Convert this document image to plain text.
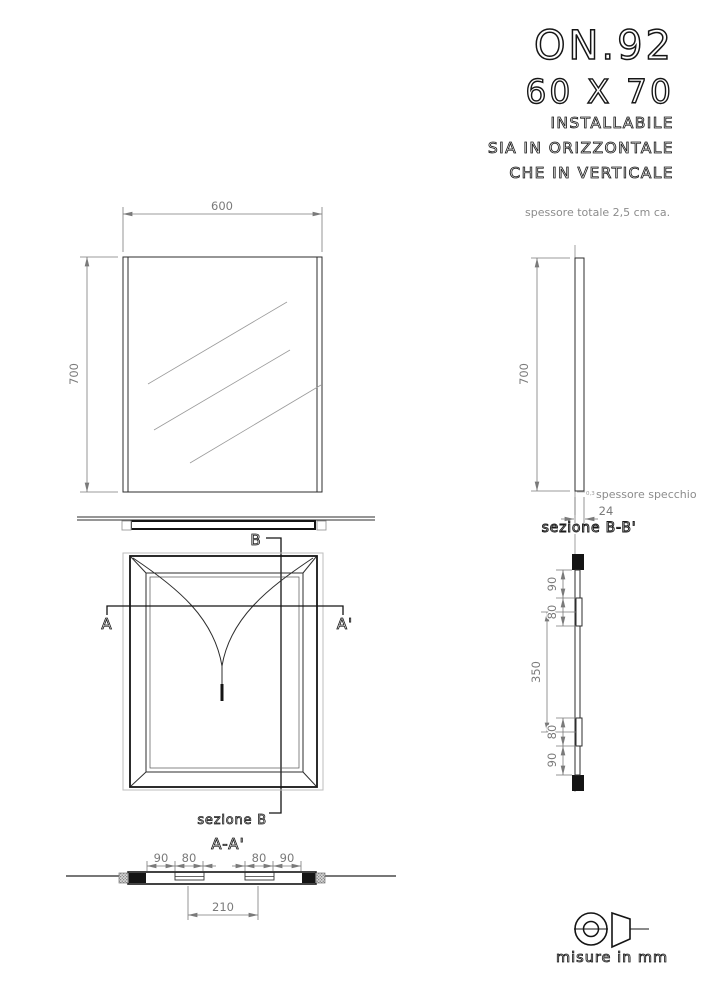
ON.92
60 X 70
INSTALLABILE
SIA IN ORIZZONTALE
CHE IN VERTICALE
spessore totale 2,5 cm ca.
600
700
B
sezione B
A	A'
700
0,3 spessore specchio
24
sezione B-B'
90
80
350
80
90
A-A'
90 80	80 90
210
misure in mm
